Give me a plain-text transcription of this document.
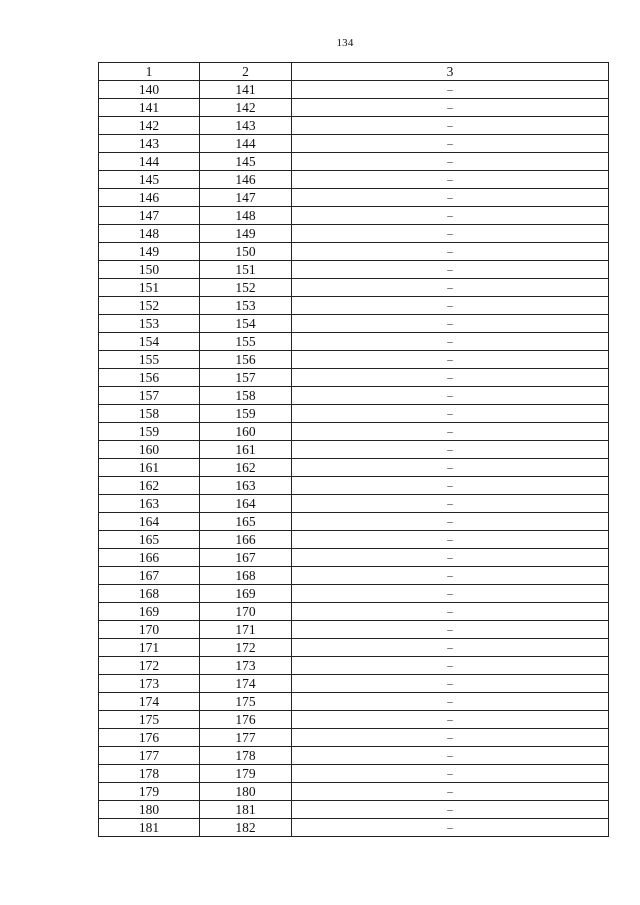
134
1	2	3
140	141	–
141	142	–
142	143	–
143	144	–
144	145	–
145	146	–
146	147	–
147	148	–
148	149	–
149	150	–
150	151	–
151	152	–
152	153	–
153	154	–
154	155	–
155	156	–
156	157	–
157	158	–
158	159	–
159	160	–
160	161	–
161	162	–
162	163	–
163	164	–
164	165	–
165	166	–
166	167	–
167	168	–
168	169	–
169	170	–
170	171	–
171	172	–
172	173	–
173	174	–
174	175	–
175	176	–
176	177	–
177	178	–
178	179	–
179	180	–
180	181	–
181	182	–
